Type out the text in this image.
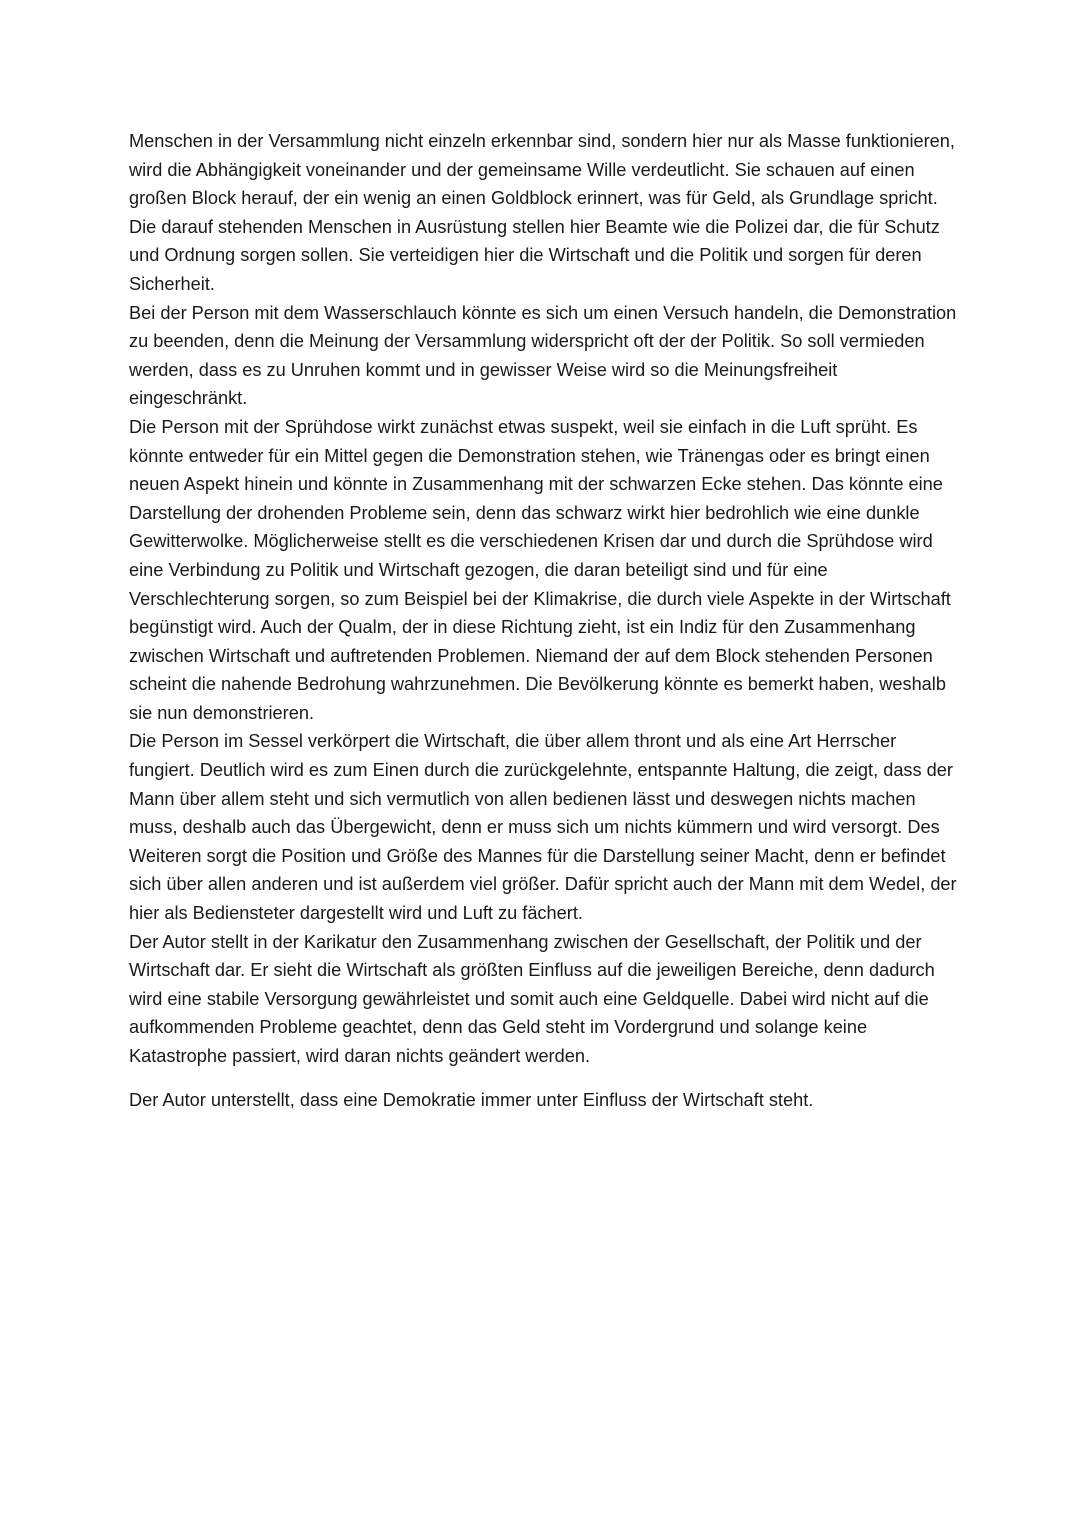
Menschen in der Versammlung nicht einzeln erkennbar sind, sondern hier nur als Masse funktionieren, wird die Abhängigkeit voneinander und der gemeinsame Wille verdeutlicht. Sie schauen auf einen großen Block herauf, der ein wenig an einen Goldblock erinnert, was für Geld, als Grundlage spricht.

Die darauf stehenden Menschen in Ausrüstung stellen hier Beamte wie die Polizei dar, die für Schutz und Ordnung sorgen sollen. Sie verteidigen hier die Wirtschaft und die Politik und sorgen für deren Sicherheit.

Bei der Person mit dem Wasserschlauch könnte es sich um einen Versuch handeln, die Demonstration zu beenden, denn die Meinung der Versammlung widerspricht oft der der Politik. So soll vermieden werden, dass es zu Unruhen kommt und in gewisser Weise wird so die Meinungsfreiheit eingeschränkt.

Die Person mit der Sprühdose wirkt zunächst etwas suspekt, weil sie einfach in die Luft sprüht. Es könnte entweder für ein Mittel gegen die Demonstration stehen, wie Tränengas oder es bringt einen neuen Aspekt hinein und könnte in Zusammenhang mit der schwarzen Ecke stehen. Das könnte eine Darstellung der drohenden Probleme sein, denn das schwarz wirkt hier bedrohlich wie eine dunkle Gewitterwolke. Möglicherweise stellt es die verschiedenen Krisen dar und durch die Sprühdose wird eine Verbindung zu Politik und Wirtschaft gezogen, die daran beteiligt sind und für eine Verschlechterung sorgen, so zum Beispiel bei der Klimakrise, die durch viele Aspekte in der Wirtschaft begünstigt wird. Auch der Qualm, der in diese Richtung zieht, ist ein Indiz für den Zusammenhang zwischen Wirtschaft und auftretenden Problemen. Niemand der auf dem Block stehenden Personen scheint die nahende Bedrohung wahrzunehmen. Die Bevölkerung könnte es bemerkt haben, weshalb sie nun demonstrieren.

Die Person im Sessel verkörpert die Wirtschaft, die über allem thront und als eine Art Herrscher fungiert. Deutlich wird es zum Einen durch die zurückgelehnte, entspannte Haltung, die zeigt, dass der Mann über allem steht und sich vermutlich von allen bedienen lässt und deswegen nichts machen muss, deshalb auch das Übergewicht, denn er muss sich um nichts kümmern und wird versorgt. Des Weiteren sorgt die Position und Größe des Mannes für die Darstellung seiner Macht, denn er befindet sich über allen anderen und ist außerdem viel größer. Dafür spricht auch der Mann mit dem Wedel, der hier als Bediensteter dargestellt wird und Luft zu fächert.

Der Autor stellt in der Karikatur den Zusammenhang zwischen der Gesellschaft, der Politik und der Wirtschaft dar. Er sieht die Wirtschaft als größten Einfluss auf die jeweiligen Bereiche, denn dadurch wird eine stabile Versorgung gewährleistet und somit auch eine Geldquelle. Dabei wird nicht auf die aufkommenden Probleme geachtet, denn das Geld steht im Vordergrund und solange keine Katastrophe passiert, wird daran nichts geändert werden.

Der Autor unterstellt, dass eine Demokratie immer unter Einfluss der Wirtschaft steht.
